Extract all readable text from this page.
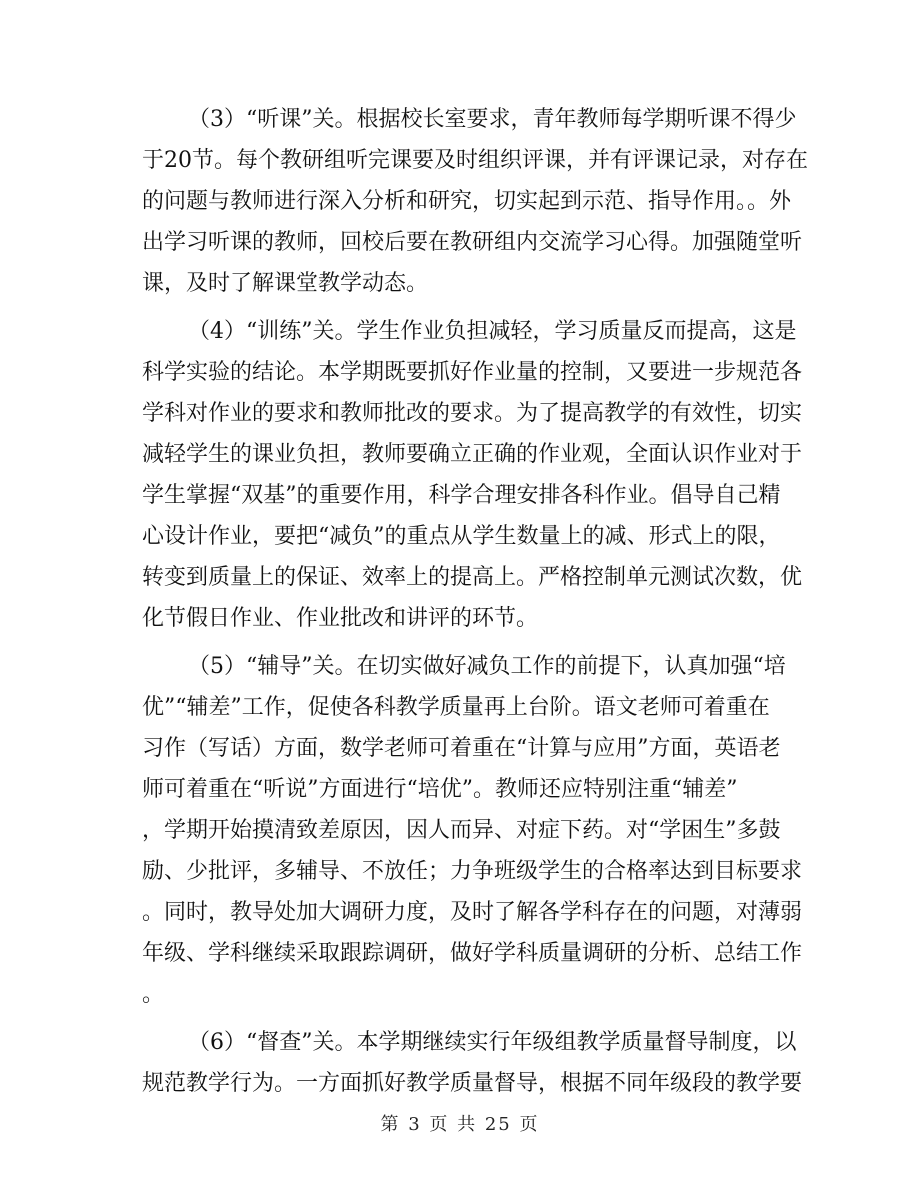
（3）“听课”关。根据校长室要求，青年教师每学期听课不得少
于20节。每个教研组听完课要及时组织评课，并有评课记录，对存在
的问题与教师进行深入分析和研究，切实起到示范、指导作用。。外
出学习听课的教师，回校后要在教研组内交流学习心得。加强随堂听
课，及时了解课堂教学动态。
（4）“训练”关。学生作业负担减轻，学习质量反而提高，这是
科学实验的结论。本学期既要抓好作业量的控制，又要进一步规范各
学科对作业的要求和教师批改的要求。为了提高教学的有效性，切实
减轻学生的课业负担，教师要确立正确的作业观，全面认识作业对于
学生掌握“双基”的重要作用，科学合理安排各科作业。倡导自己精
心设计作业，要把“减负”的重点从学生数量上的减、形式上的限，
转变到质量上的保证、效率上的提高上。严格控制单元测试次数，优
化节假日作业、作业批改和讲评的环节。
（5）“辅导”关。在切实做好减负工作的前提下，认真加强“培
优”“辅差”工作，促使各科教学质量再上台阶。语文老师可着重在
习作（写话）方面，数学老师可着重在“计算与应用”方面，英语老
师可着重在“听说”方面进行“培优”。教师还应特别注重“辅差”
，学期开始摸清致差原因，因人而异、对症下药。对“学困生”多鼓
励、少批评，多辅导、不放任；力争班级学生的合格率达到目标要求
。同时，教导处加大调研力度，及时了解各学科存在的问题，对薄弱
年级、学科继续采取跟踪调研，做好学科质量调研的分析、总结工作
。
（6）“督查”关。本学期继续实行年级组教学质量督导制度，以
规范教学行为。一方面抓好教学质量督导，根据不同年级段的教学要
第 3 页 共 25 页
